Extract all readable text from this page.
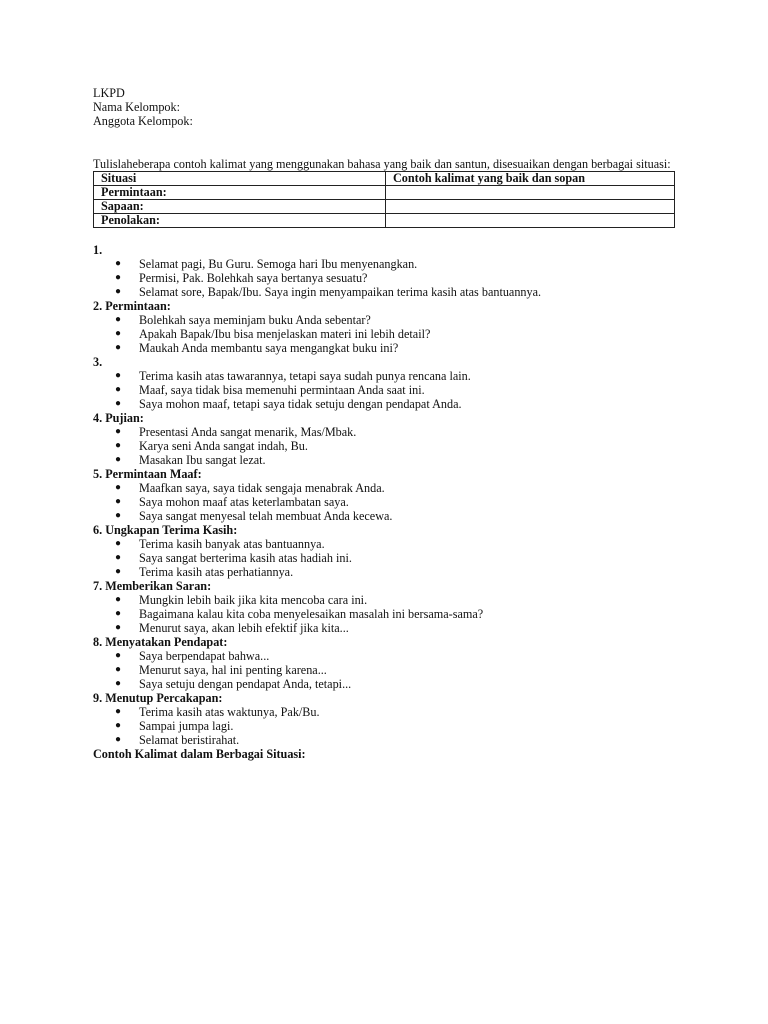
LKPD
Nama Kelompok:
Anggota Kelompok:
Tulislaheberapa contoh kalimat yang menggunakan bahasa yang baik dan santun, disesuaikan dengan berbagai situasi:
Situasi	Contoh kalimat yang baik dan sopan
Permintaan:	
Sapaan:	
Penolakan:	
1.
● Selamat pagi, Bu Guru. Semoga hari Ibu menyenangkan.
● Permisi, Pak. Bolehkah saya bertanya sesuatu?
● Selamat sore, Bapak/Ibu. Saya ingin menyampaikan terima kasih atas bantuannya.
2. Permintaan:
● Bolehkah saya meminjam buku Anda sebentar?
● Apakah Bapak/Ibu bisa menjelaskan materi ini lebih detail?
● Maukah Anda membantu saya mengangkat buku ini?
3.
● Terima kasih atas tawarannya, tetapi saya sudah punya rencana lain.
● Maaf, saya tidak bisa memenuhi permintaan Anda saat ini.
● Saya mohon maaf, tetapi saya tidak setuju dengan pendapat Anda.
4. Pujian:
● Presentasi Anda sangat menarik, Mas/Mbak.
● Karya seni Anda sangat indah, Bu.
● Masakan Ibu sangat lezat.
5. Permintaan Maaf:
● Maafkan saya, saya tidak sengaja menabrak Anda.
● Saya mohon maaf atas keterlambatan saya.
● Saya sangat menyesal telah membuat Anda kecewa.
6. Ungkapan Terima Kasih:
● Terima kasih banyak atas bantuannya.
● Saya sangat berterima kasih atas hadiah ini.
● Terima kasih atas perhatiannya.
7. Memberikan Saran:
● Mungkin lebih baik jika kita mencoba cara ini.
● Bagaimana kalau kita coba menyelesaikan masalah ini bersama-sama?
● Menurut saya, akan lebih efektif jika kita...
8. Menyatakan Pendapat:
● Saya berpendapat bahwa...
● Menurut saya, hal ini penting karena...
● Saya setuju dengan pendapat Anda, tetapi...
9. Menutup Percakapan:
● Terima kasih atas waktunya, Pak/Bu.
● Sampai jumpa lagi.
● Selamat beristirahat.
Contoh Kalimat dalam Berbagai Situasi:
